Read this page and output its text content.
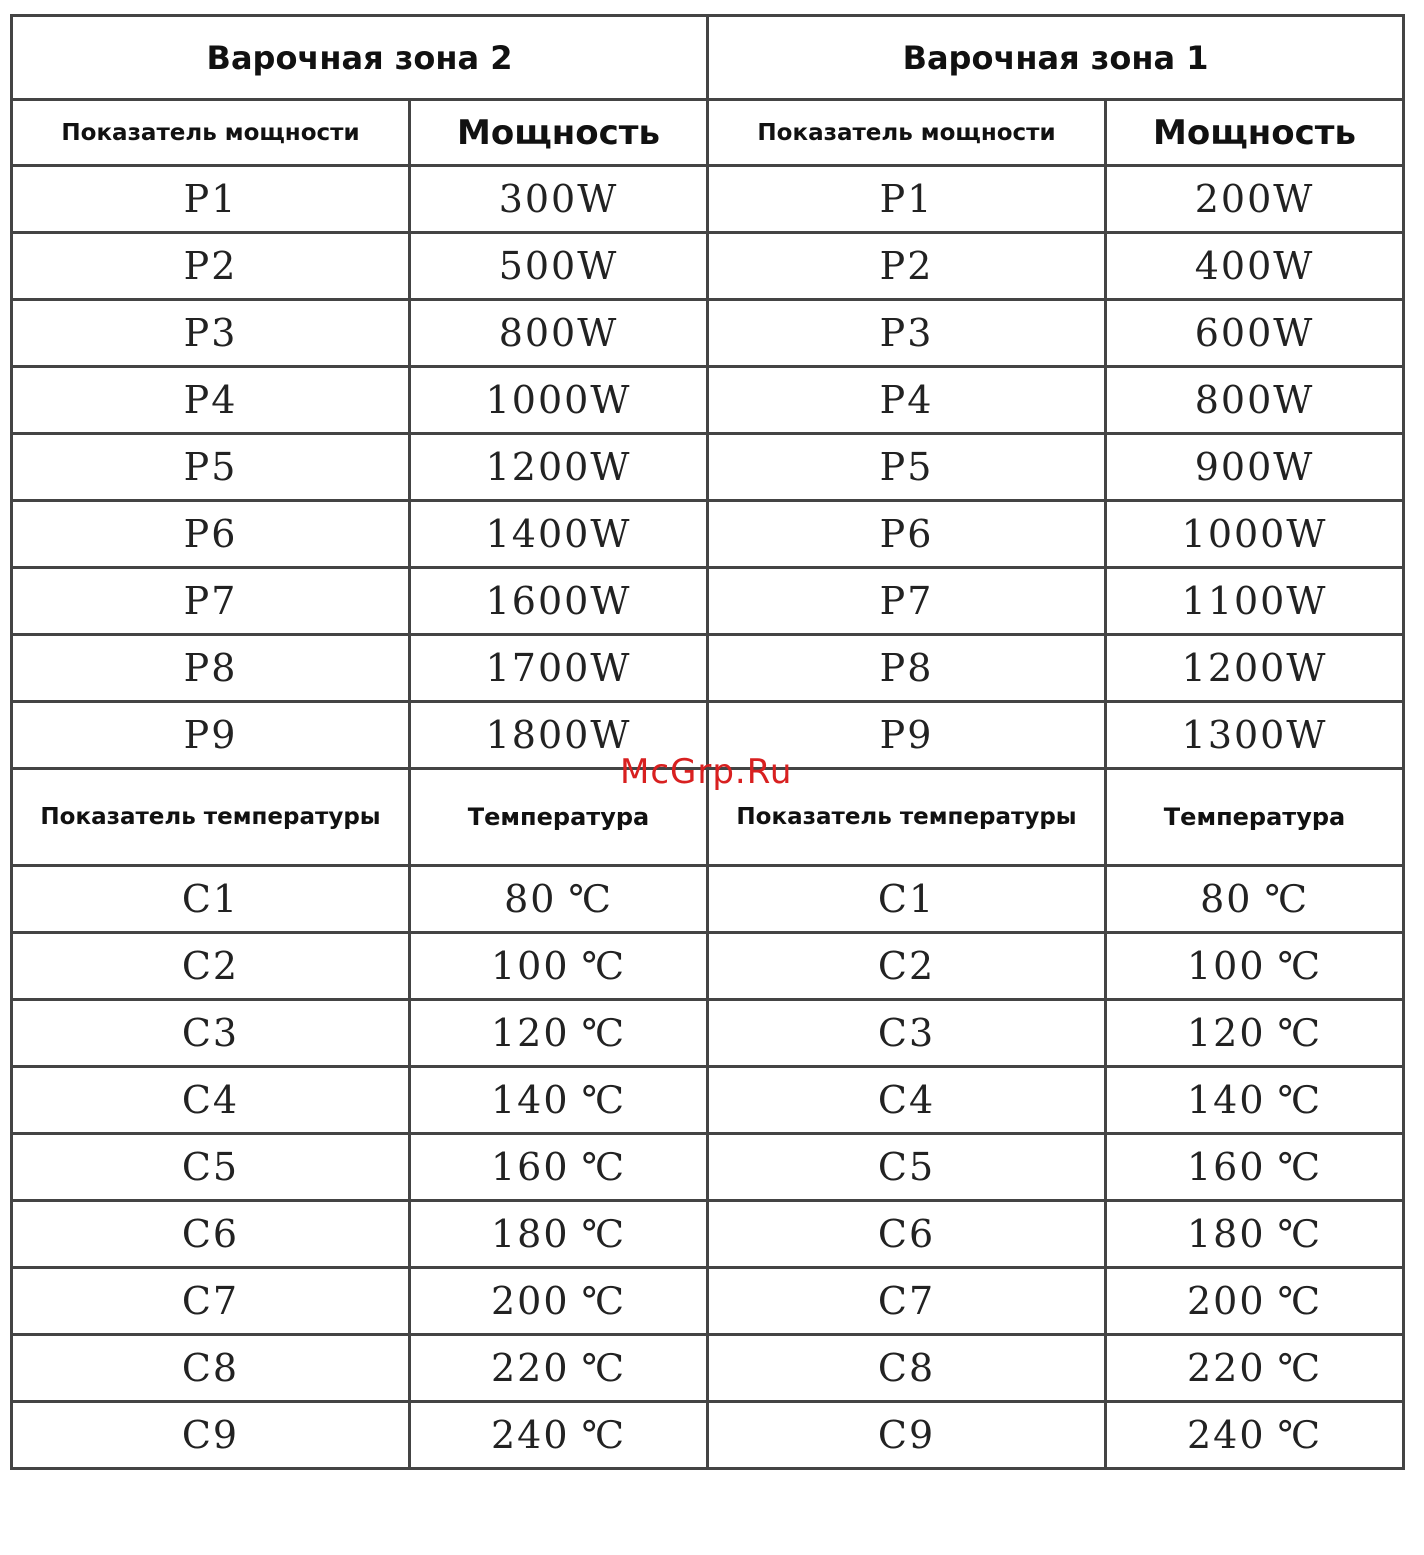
Варочная зона 2		Варочная зона 1	
Показатель мощности	Мощность	Показатель мощности	Мощность
P1	300W	P1	200W
P2	500W	P2	400W
P3	800W	P3	600W
P4	1000W	P4	800W
P5	1200W	P5	900W
P6	1400W	P6	1000W
P7	1600W	P7	1100W
P8	1700W	P8	1200W
P9	1800W	P9	1300W
Показатель температуры	Температура	Показатель температуры	Температура
C1	80 ℃	C1	80 ℃
C2	100 ℃	C2	100 ℃
C3	120 ℃	C3	120 ℃
C4	140 ℃	C4	140 ℃
C5	160 ℃	C5	160 ℃
C6	180 ℃	C6	180 ℃
C7	200 ℃	C7	200 ℃
C8	220 ℃	C8	220 ℃
C9	240 ℃	C9	240 ℃
McGrp.Ru
